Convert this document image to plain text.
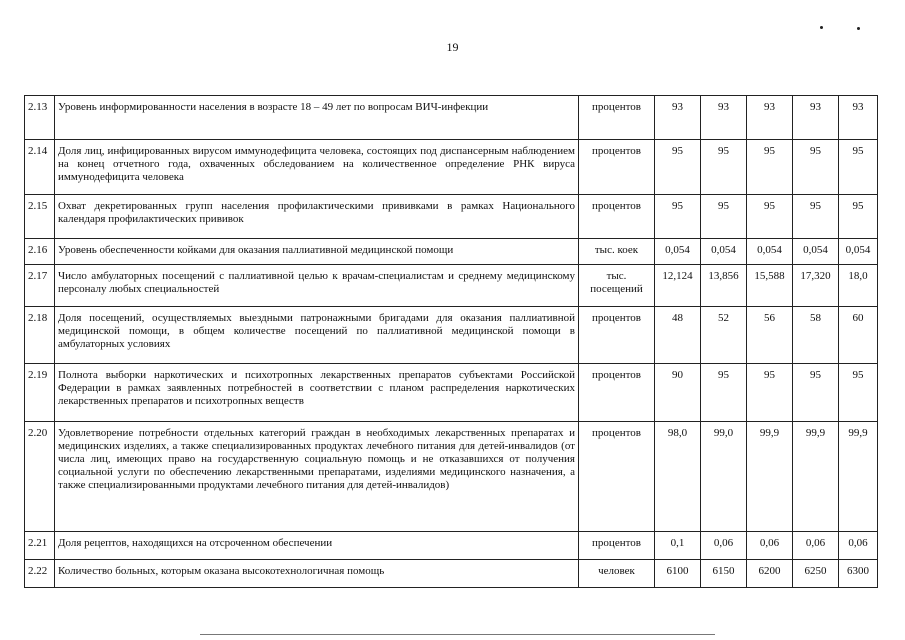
19
2.13	Уровень информированности населения в возрасте 18 – 49 лет по вопросам ВИЧ-инфекции	процентов	93	93	93	93	93
2.14	Доля лиц, инфицированных вирусом иммунодефицита человека, состоящих под диспансерным наблюдением на конец отчетного года, охваченных обследованием на количественное определение РНК вируса иммунодефицита человека	процентов	95	95	95	95	95
2.15	Охват декретированных групп населения профилактическими прививками в рамках Национального календаря профилактических прививок	процентов	95	95	95	95	95
2.16	Уровень обеспеченности койками для оказания паллиативной медицинской помощи	тыс. коек	0,054	0,054	0,054	0,054	0,054
2.17	Число амбулаторных посещений с паллиативной целью к врачам-специалистам и среднему медицинскому персоналу любых специальностей	тыс. посещений	12,124	13,856	15,588	17,320	18,0
2.18	Доля посещений, осуществляемых выездными патронажными бригадами для оказания паллиативной медицинской помощи, в общем количестве посещений по паллиативной медицинской помощи в амбулаторных условиях	процентов	48	52	56	58	60
2.19	Полнота выборки наркотических и психотропных лекарственных препаратов субъектами Российской Федерации в рамках заявленных потребностей в соответствии с планом распределения наркотических лекарственных препаратов и психотропных веществ	процентов	90	95	95	95	95
2.20	Удовлетворение потребности отдельных категорий граждан в необходимых лекарственных препаратах и медицинских изделиях, а также специализированных продуктах лечебного питания для детей-инвалидов (от числа лиц, имеющих право на государственную социальную помощь и не отказавшихся от получения социальной услуги по обеспечению лекарственными препаратами, изделиями медицинского назначения, а также специализированными продуктами лечебного питания для детей-инвалидов)	процентов	98,0	99,0	99,9	99,9	99,9
2.21	Доля рецептов, находящихся на отсроченном обеспечении	процентов	0,1	0,06	0,06	0,06	0,06
2.22	Количество больных, которым оказана высокотехнологичная помощь	человек	6100	6150	6200	6250	6300
